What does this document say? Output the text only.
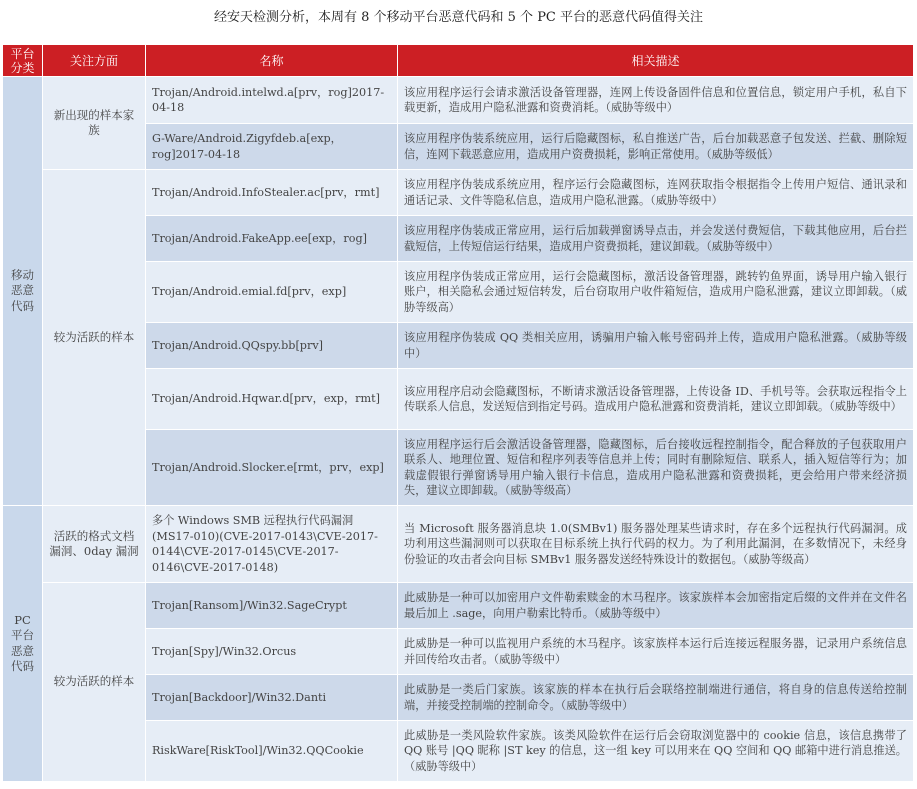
经安天检测分析，本周有 8 个移动平台恶意代码和 5 个 PC 平台的恶意代码值得关注
平台分类	关注方面	名称	相关描述
移动恶意代码	新出现的样本家族	Trojan/Android.intelwd.a[prv，rog]2017-04-18	该应用程序运行会请求激活设备管理器，连网上传设备固件信息和位置信息，锁定用户手机，私自下载更新，造成用户隐私泄露和资费消耗。（威胁等级中）
		G-Ware/Android.Zigyfdeb.a[exp，rog]2017-04-18	该应用程序伪装系统应用，运行后隐藏图标，私自推送广告，后台加载恶意子包发送、拦截、删除短信，连网下载恶意应用，造成用户资费损耗，影响正常使用。（威胁等级低）
	较为活跃的样本	Trojan/Android.InfoStealer.ac[prv，rmt]	该应用程序伪装成系统应用，程序运行会隐藏图标，连网获取指令根据指令上传用户短信、通讯录和通话记录、文件等隐私信息，造成用户隐私泄露。（威胁等级中）
		Trojan/Android.FakeApp.ee[exp，rog]	该应用程序伪装成正常应用，运行后加载弹窗诱导点击，并会发送付费短信，下载其他应用，后台拦截短信，上传短信运行结果，造成用户资费损耗，建议卸载。（威胁等级中）
		Trojan/Android.emial.fd[prv，exp]	该应用程序伪装成正常应用，运行会隐藏图标，激活设备管理器，跳转钓鱼界面，诱导用户输入银行账户，相关隐私会通过短信转发，后台窃取用户收件箱短信，造成用户隐私泄露，建议立即卸载。（威胁等级高）
		Trojan/Android.QQspy.bb[prv]	该应用程序伪装成 QQ 类相关应用，诱骗用户输入帐号密码并上传，造成用户隐私泄露。（威胁等级中）
		Trojan/Android.Hqwar.d[prv，exp，rmt]	该应用程序启动会隐藏图标，不断请求激活设备管理器，上传设备 ID、手机号等。会获取远程指令上传联系人信息，发送短信到指定号码。造成用户隐私泄露和资费消耗，建议立即卸载。（威胁等级中）
		Trojan/Android.Slocker.e[rmt，prv，exp]	该应用程序运行后会激活设备管理器，隐藏图标，后台接收远程控制指令，配合释放的子包获取用户联系人、地理位置、短信和程序列表等信息并上传；同时有删除短信、联系人，插入短信等行为；加载虚假银行弹窗诱导用户输入银行卡信息，造成用户隐私泄露和资费损耗，更会给用户带来经济损失，建议立即卸载。（威胁等级高）
PC平台恶意代码	活跃的格式文档漏洞、0day 漏洞	多个 Windows SMB 远程执行代码漏洞(MS17-010)(CVE-2017-0143\CVE-2017-0144\CVE-2017-0145\CVE-2017-0146\CVE-2017-0148)	当 Microsoft 服务器消息块 1.0(SMBv1) 服务器处理某些请求时，存在多个远程执行代码漏洞。成功利用这些漏洞则可以获取在目标系统上执行代码的权力。为了利用此漏洞，在多数情况下，未经身份验证的攻击者会向目标 SMBv1 服务器发送经特殊设计的数据包。（威胁等级高）
	较为活跃的样本	Trojan[Ransom]/Win32.SageCrypt	此威胁是一种可以加密用户文件勒索赎金的木马程序。该家族样本会加密指定后缀的文件并在文件名最后加上 .sage，向用户勒索比特币。（威胁等级中）
		Trojan[Spy]/Win32.Orcus	此威胁是一种可以监视用户系统的木马程序。该家族样本运行后连接远程服务器，记录用户系统信息并回传给攻击者。（威胁等级中）
		Trojan[Backdoor]/Win32.Danti	此威胁是一类后门家族。该家族的样本在执行后会联络控制端进行通信，将自身的信息传送给控制端，并接受控制端的控制命令。（威胁等级中）
		RiskWare[RiskTool]/Win32.QQCookie	此威胁是一类风险软件家族。该类风险软件在运行后会窃取浏览器中的 cookie 信息，该信息携带了 QQ 账号 |QQ 昵称 |ST key 的信息，这一组 key 可以用来在 QQ 空间和 QQ 邮箱中进行消息推送。（威胁等级中）
